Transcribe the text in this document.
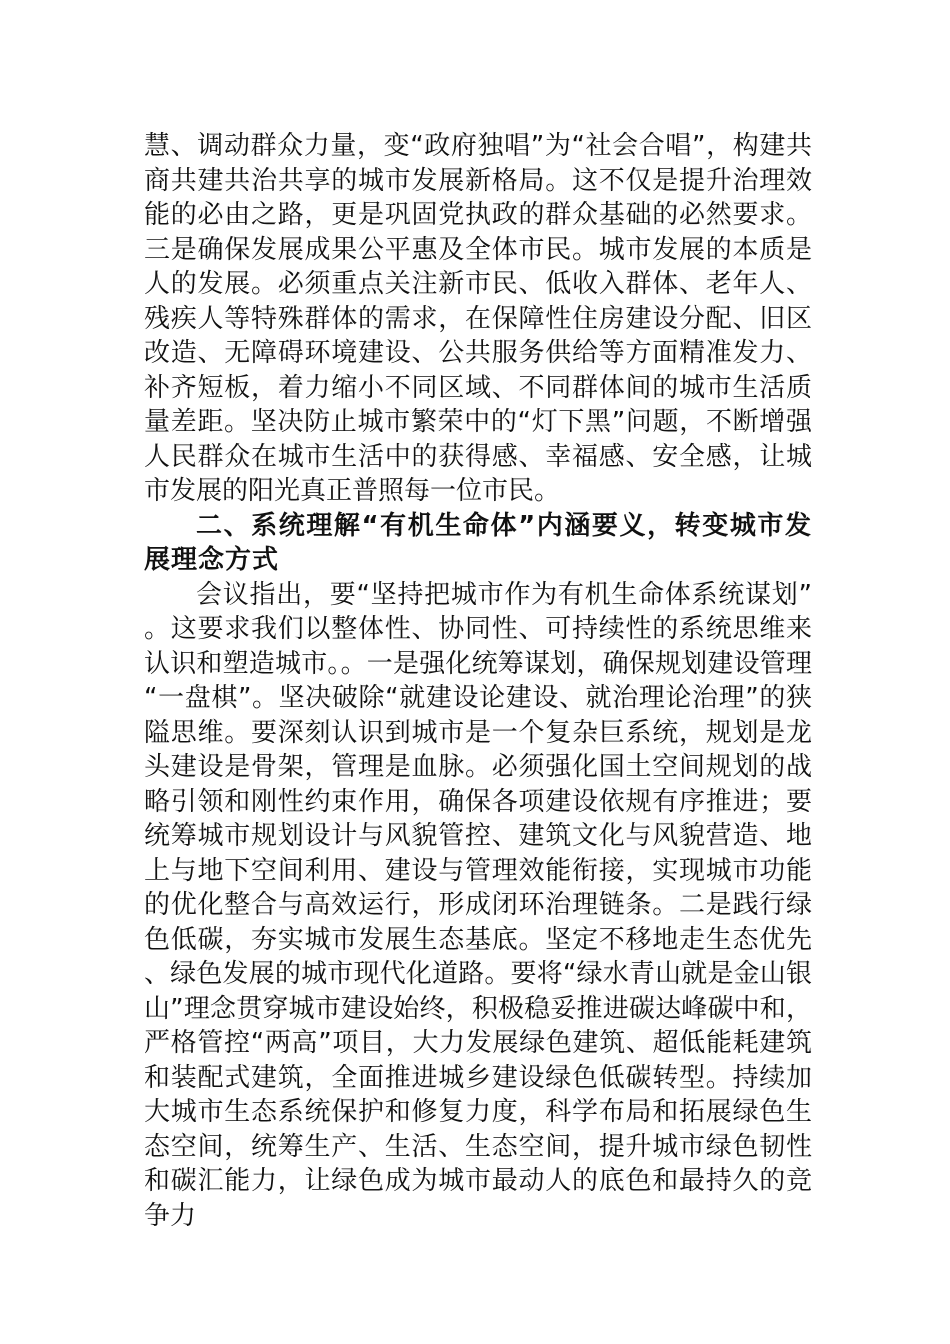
慧、调动群众力量，变“政府独唱”为“社会合唱”，构建共商共建共治共享的城市发展新格局。这不仅是提升治理效能的必由之路，更是巩固党执政的群众基础的必然要求。三是确保发展成果公平惠及全体市民。城市发展的本质是人的发展。必须重点关注新市民、低收入群体、老年人、残疾人等特殊群体的需求，在保障性住房建设分配、旧区改造、无障碍环境建设、公共服务供给等方面精准发力、补齐短板，着力缩小不同区域、不同群体间的城市生活质量差距。坚决防止城市繁荣中的“灯下黑”问题，不断增强人民群众在城市生活中的获得感、幸福感、安全感，让城市发展的阳光真正普照每一位市民。

二、系统理解“有机生命体”内涵要义，转变城市发展理念方式

会议指出，要“坚持把城市作为有机生命体系统谋划”。这要求我们以整体性、协同性、可持续性的系统思维来认识和塑造城市。。一是强化统筹谋划，确保规划建设管理“一盘棋”。坚决破除“就建设论建设、就治理论治理”的狭隘思维。要深刻认识到城市是一个复杂巨系统，规划是龙头建设是骨架，管理是血脉。必须强化国土空间规划的战略引领和刚性约束作用，确保各项建设依规有序推进；要统筹城市规划设计与风貌管控、建筑文化与风貌营造、地上与地下空间利用、建设与管理效能衔接，实现城市功能的优化整合与高效运行，形成闭环治理链条。二是践行绿色低碳，夯实城市发展生态基底。坚定不移地走生态优先、绿色发展的城市现代化道路。要将“绿水青山就是金山银山”理念贯穿城市建设始终，积极稳妥推进碳达峰碳中和，严格管控“两高”项目，大力发展绿色建筑、超低能耗建筑和装配式建筑，全面推进城乡建设绿色低碳转型。持续加大城市生态系统保护和修复力度，科学布局和拓展绿色生态空间，统筹生产、生活、生态空间，提升城市绿色韧性和碳汇能力，让绿色成为城市最动人的底色和最持久的竞争力
